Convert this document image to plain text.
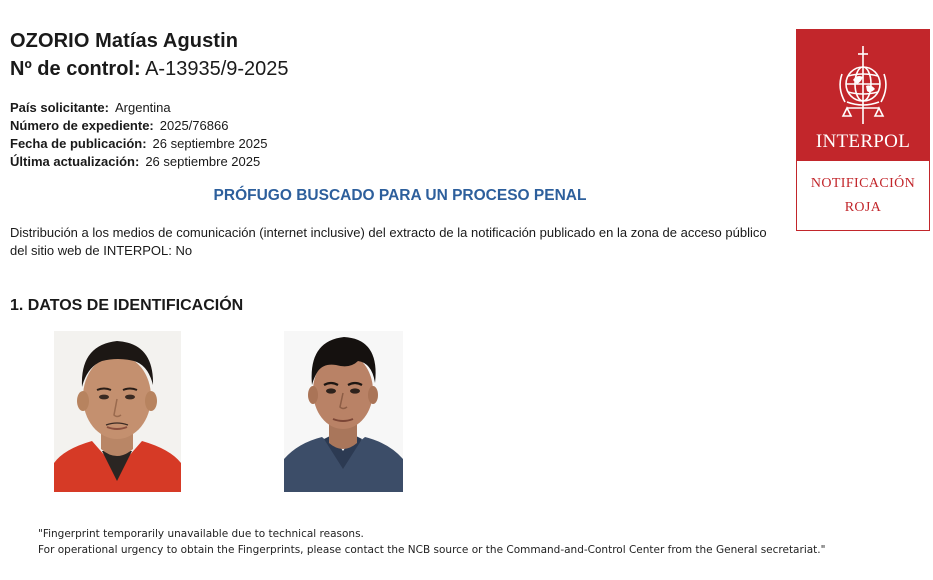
OZORIO Matías Agustin
Nº de control: A-13935/9-2025
País solicitante: Argentina
Número de expediente: 2025/76866
Fecha de publicación: 26 septiembre 2025
Última actualización: 26 septiembre 2025
PRÓFUGO BUSCADO PARA UN PROCESO PENAL
Distribución a los medios de comunicación (internet inclusive) del extracto de la notificación publicado en la zona de acceso público del sitio web de INTERPOL: No
1. DATOS DE IDENTIFICACIÓN
"Fingerprint temporarily unavailable due to technical reasons.
For operational urgency to obtain the Fingerprints, please contact the NCB source or the Command-and-Control Center from the General secretariat."
INTERPOL
NOTIFICACIÓN
ROJA
